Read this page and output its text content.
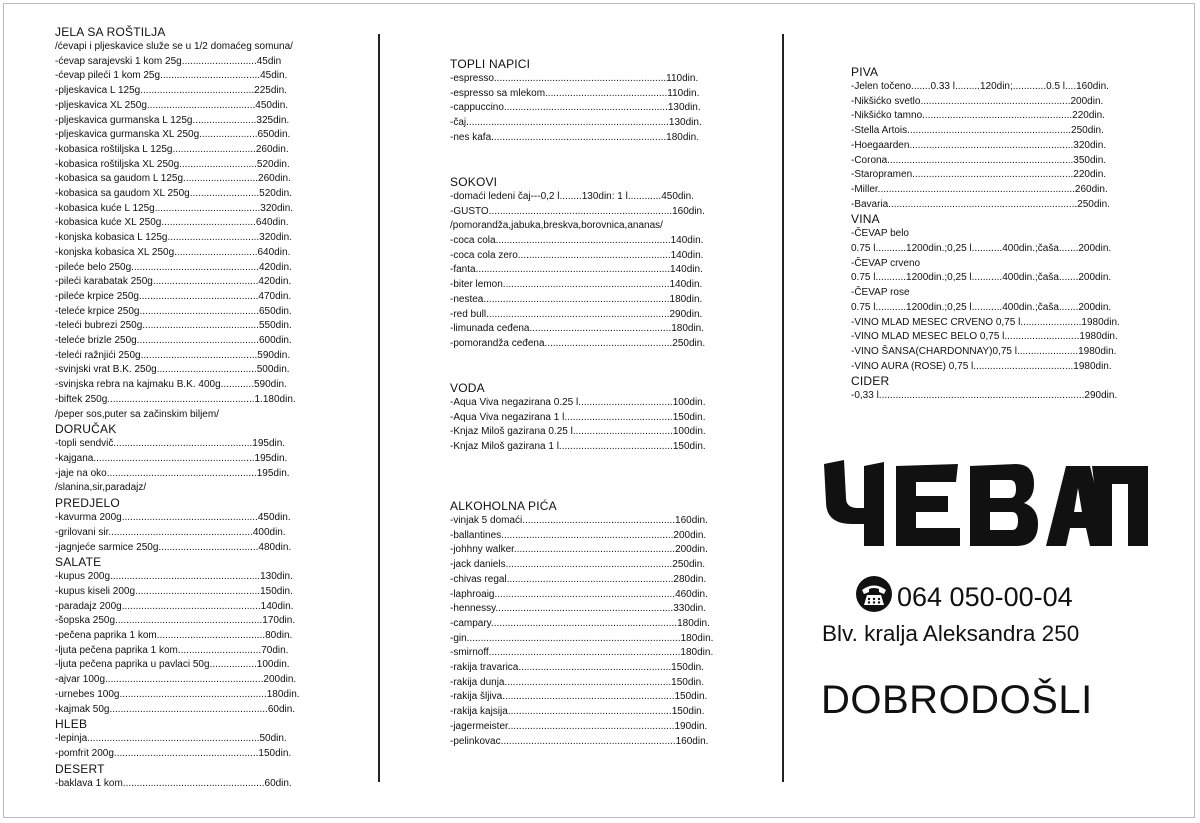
JELA SA ROŠTILJA
/ćevapi i pljeskavice služe se u 1/2 domaćeg somuna/
-ćevap sarajevski 1 kom 25g...........................45din
-ćevap pileći 1 kom 25g....................................45din.
-pljeskavica L 125g.........................................225din.
-pljeskavica XL 250g.......................................450din.
-pljeskavica gurmanska L 125g.......................325din.
-pljeskavica gurmanska XL 250g.....................650din.
-kobasica roštiljska L 125g..............................260din.
-kobasica roštiljska XL 250g............................520din.
-kobasica sa gaudom L 125g...........................260din.
-kobasica sa gaudom XL 250g.........................520din.
-kobasica kuće L 125g......................................320din.
-kobasica kuće XL 250g..................................640din.
-konjska kobasica L 125g.................................320din.
-konjska kobasica XL 250g..............................640din.
-pileće belo 250g..............................................420din.
-pileći karabatak 250g......................................420din.
-pileće krpice 250g...........................................470din.
-teleće krpice 250g...........................................650din.
-teleći bubrezi 250g..........................................550din.
-teleće brizle 250g............................................600din.
-teleći ražnjići 250g..........................................590din.
-svinjski vrat B.K. 250g....................................500din.
-svinjska rebra na kajmaku B.K. 400g............590din.
-biftek 250g.....................................................1.180din.
/peper sos,puter sa začinskim biljem/
DORUČAK
-topli sendvič..................................................195din.
-kajgana..........................................................195din.
-jaje na oko......................................................195din.
/slanina,sir,paradajz/
PREDJELO
-kavurma 200g.................................................450din.
-grilovani sir....................................................400din.
-jagnjeće sarmice 250g....................................480din.
SALATE
-kupus 200g......................................................130din.
-kupus kiseli 200g.............................................150din.
-paradajz 200g..................................................140din.
-šopska 250g.....................................................170din.
-pečena paprika 1 kom.......................................80din.
-ljuta pečena paprika 1 kom..............................70din.
-ljuta pečena paprika u pavlaci 50g.................100din.
-ajvar 100g.........................................................200din.
-urnebes 100g.....................................................180din.
-kajmak 50g.........................................................60din.
HLEB
-lepinja..............................................................50din.
-pomfrit 200g....................................................150din.
DESERT
-baklava 1 kom...................................................60din.
TOPLI NAPICI
-espresso..............................................................110din.
-espresso sa mlekom............................................110din.
-cappuccino...........................................................130din.
-čaj.........................................................................130din.
-nes kafa...............................................................180din.

SOKOVI
-domaći ledeni čaj---0,2 l........130din: 1 l............450din.
-GUSTO..................................................................160din.
/pomorandža,jabuka,breskva,borovnica,ananas/
-coca cola...............................................................140din.
-coca cola zero.......................................................140din.
-fanta......................................................................140din.
-biter lemon............................................................140din.
-nestea...................................................................180din.
-red bull..................................................................290din.
-limunada ceđena...................................................180din.
-pomorandža ceđena..............................................250din.

VODA
-Aqua Viva negazirana 0.25 l..................................100din.
-Aqua Viva negazirana 1 l.......................................150din.
-Knjaz Miloš gazirana 0.25 l....................................100din.
-Knjaz Miloš gazirana 1 l.........................................150din.

ALKOHOLNA PIĆA
-vinjak 5 domaći.......................................................160din.
-ballantines..............................................................200din.
-johhny walker..........................................................200din.
-jack daniels............................................................250din.
-chivas regal............................................................280din.
-laphroaig.................................................................460din.
-hennessy................................................................330din.
-campary...................................................................180din.
-gin.............................................................................180din.
-smirnoff.....................................................................180din.
-rakija travarica.......................................................150din.
-rakija dunja............................................................150din.
-rakija šljiva..............................................................150din.
-rakija kajsija...........................................................150din.
-jagermeister............................................................190din.
-pelinkovac...............................................................160din.
PIVA
-Jelen točeno.......0.33 l.........120din;............0.5 l....160din.
-Nikšićko svetlo......................................................200din.
-Nikšićko tamno......................................................220din.
-Stella Artois...........................................................250din.
-Hoegaarden...........................................................320din.
-Corona...................................................................350din.
-Staropramen..........................................................220din.
-Miller.......................................................................260din.
-Bavaria....................................................................250din.
VINA
-ČEVAP belo
0.75 l...........1200din.;0,25 l...........400din.;čaša.......200din.
-ČEVAP crveno
0.75 l...........1200din.;0,25 l...........400din.;čaša.......200din.
-ČEVAP rose
0.75 l...........1200din.;0,25 l...........400din.;čaša.......200din.
-VINO MLAD MESEC CRVENO 0,75 l......................1980din.
-VINO MLAD MESEC BELO 0,75 l...........................1980din.
-VINO ŠANSA(CHARDONNAY)0,75 l......................1980din.
-VINO AURA (ROSE) 0,75 l....................................1980din.
CIDER
-0,33 l..........................................................................290din.
064 050-00-04
Blv. kralja Aleksandra 250
DOBRODOŠLI
